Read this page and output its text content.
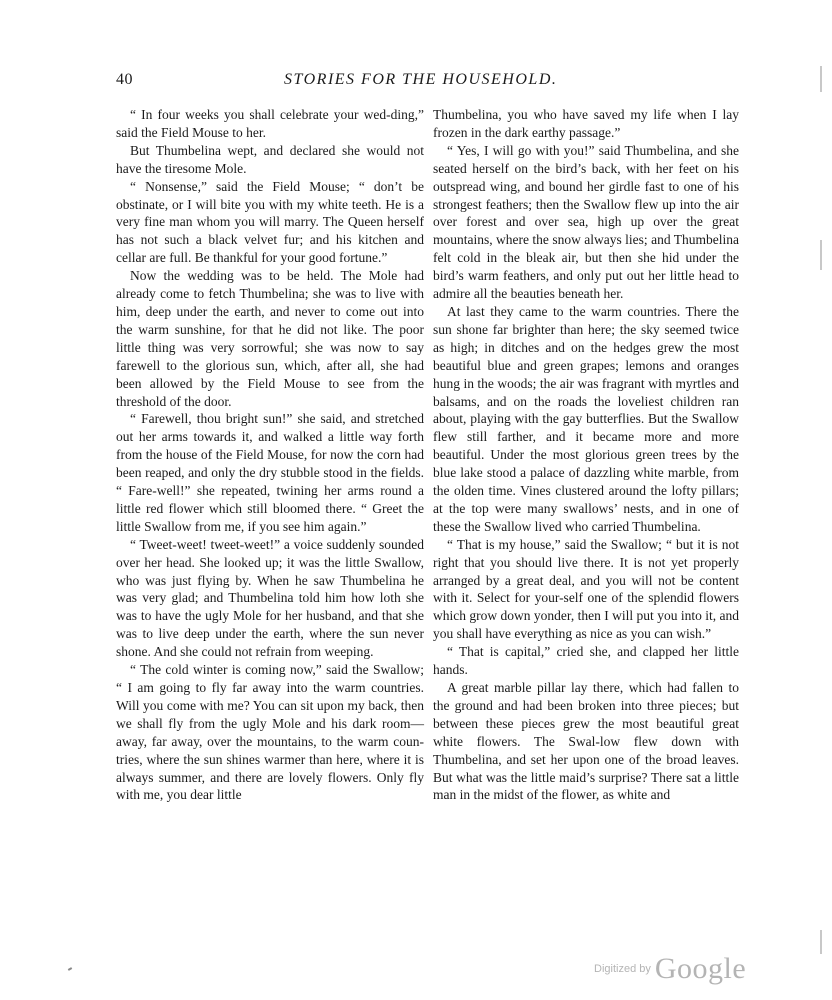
40	STORIES FOR THE HOUSEHOLD.

“ In four weeks you shall celebrate your wed-ding,” said the Field Mouse to her.

But Thumbelina wept, and declared she would not have the tiresome Mole.

“ Nonsense,” said the Field Mouse; “ don’t be obstinate, or I will bite you with my white teeth. He is a very fine man whom you will marry. The Queen herself has not such a black velvet fur; and his kitchen and cellar are full. Be thankful for your good fortune.”

Now the wedding was to be held. The Mole had already come to fetch Thumbelina; she was to live with him, deep under the earth, and never to come out into the warm sunshine, for that he did not like. The poor little thing was very sorrowful; she was now to say farewell to the glorious sun, which, after all, she had been allowed by the Field Mouse to see from the threshold of the door.

“ Farewell, thou bright sun!” she said, and stretched out her arms towards it, and walked a little way forth from the house of the Field Mouse, for now the corn had been reaped, and only the dry stubble stood in the fields. “ Fare-well!” she repeated, twining her arms round a little red flower which still bloomed there. “ Greet the little Swallow from me, if you see him again.”

“ Tweet-weet! tweet-weet!” a voice suddenly sounded over her head. She looked up; it was the little Swallow, who was just flying by. When he saw Thumbelina he was very glad; and Thumbelina told him how loth she was to have the ugly Mole for her husband, and that she was to live deep under the earth, where the sun never shone. And she could not refrain from weeping.

“ The cold winter is coming now,” said the Swallow; “ I am going to fly far away into the warm countries. Will you come with me? You can sit upon my back, then we shall fly from the ugly Mole and his dark room—away, far away, over the mountains, to the warm coun-tries, where the sun shines warmer than here, where it is always summer, and there are lovely flowers. Only fly with me, you dear little

Thumbelina, you who have saved my life when I lay frozen in the dark earthy passage.”

“ Yes, I will go with you!” said Thumbelina, and she seated herself on the bird’s back, with her feet on his outspread wing, and bound her girdle fast to one of his strongest feathers; then the Swallow flew up into the air over forest and over sea, high up over the great mountains, where the snow always lies; and Thumbelina felt cold in the bleak air, but then she hid under the bird’s warm feathers, and only put out her little head to admire all the beauties beneath her.

At last they came to the warm countries. There the sun shone far brighter than here; the sky seemed twice as high; in ditches and on the hedges grew the most beautiful blue and green grapes; lemons and oranges hung in the woods; the air was fragrant with myrtles and balsams, and on the roads the loveliest children ran about, playing with the gay butterflies. But the Swallow flew still farther, and it became more and more beautiful. Under the most glorious green trees by the blue lake stood a palace of dazzling white marble, from the olden time. Vines clustered around the lofty pillars; at the top were many swallows’ nests, and in one of these the Swallow lived who carried Thumbelina.

“ That is my house,” said the Swallow; “ but it is not right that you should live there. It is not yet properly arranged by a great deal, and you will not be content with it. Select for your-self one of the splendid flowers which grow down yonder, then I will put you into it, and you shall have everything as nice as you can wish.”

“ That is capital,” cried she, and clapped her little hands.

A great marble pillar lay there, which had fallen to the ground and had been broken into three pieces; but between these pieces grew the most beautiful great white flowers. The Swal-low flew down with Thumbelina, and set her upon one of the broad leaves. But what was the little maid’s surprise? There sat a little man in the midst of the flower, as white and

$^{Digitized by}$ Google
